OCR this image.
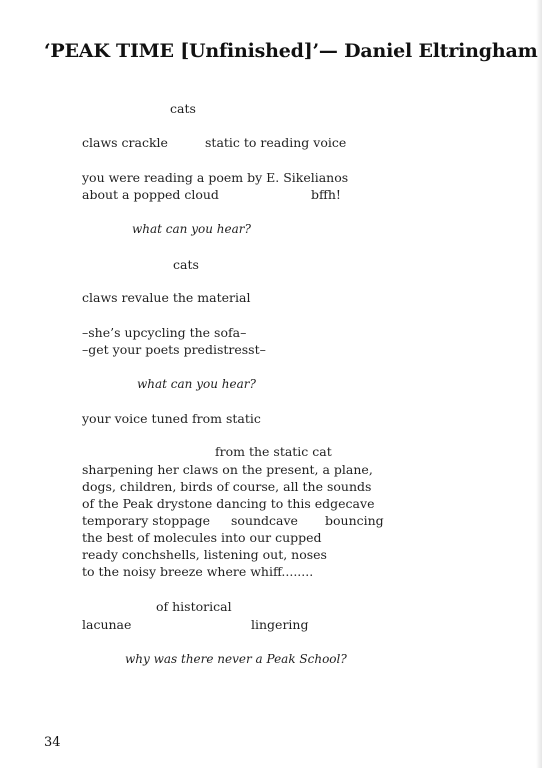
‘PEAK TIME [Unfinished]’— Daniel Eltringham

cats

claws crackle	static to reading voice

you were reading a poem by E. Sikelianos

about a popped cloud	bffh!

what can you hear?

cats

claws revalue the material

–she’s upcycling the sofa–

–get your poets predistresst–

what can you hear?

your voice tuned from static

from the static cat

sharpening her claws on the present, a plane,

dogs, children, birds of course, all the sounds

of the Peak drystone dancing to this edgecave

temporary stoppage soundcave bouncing

the best of molecules into our cupped

ready conchshells, listening out, noses

to the noisy breeze where whiff........

of historical

lacunae	lingering

why was there never a Peak School?

34
